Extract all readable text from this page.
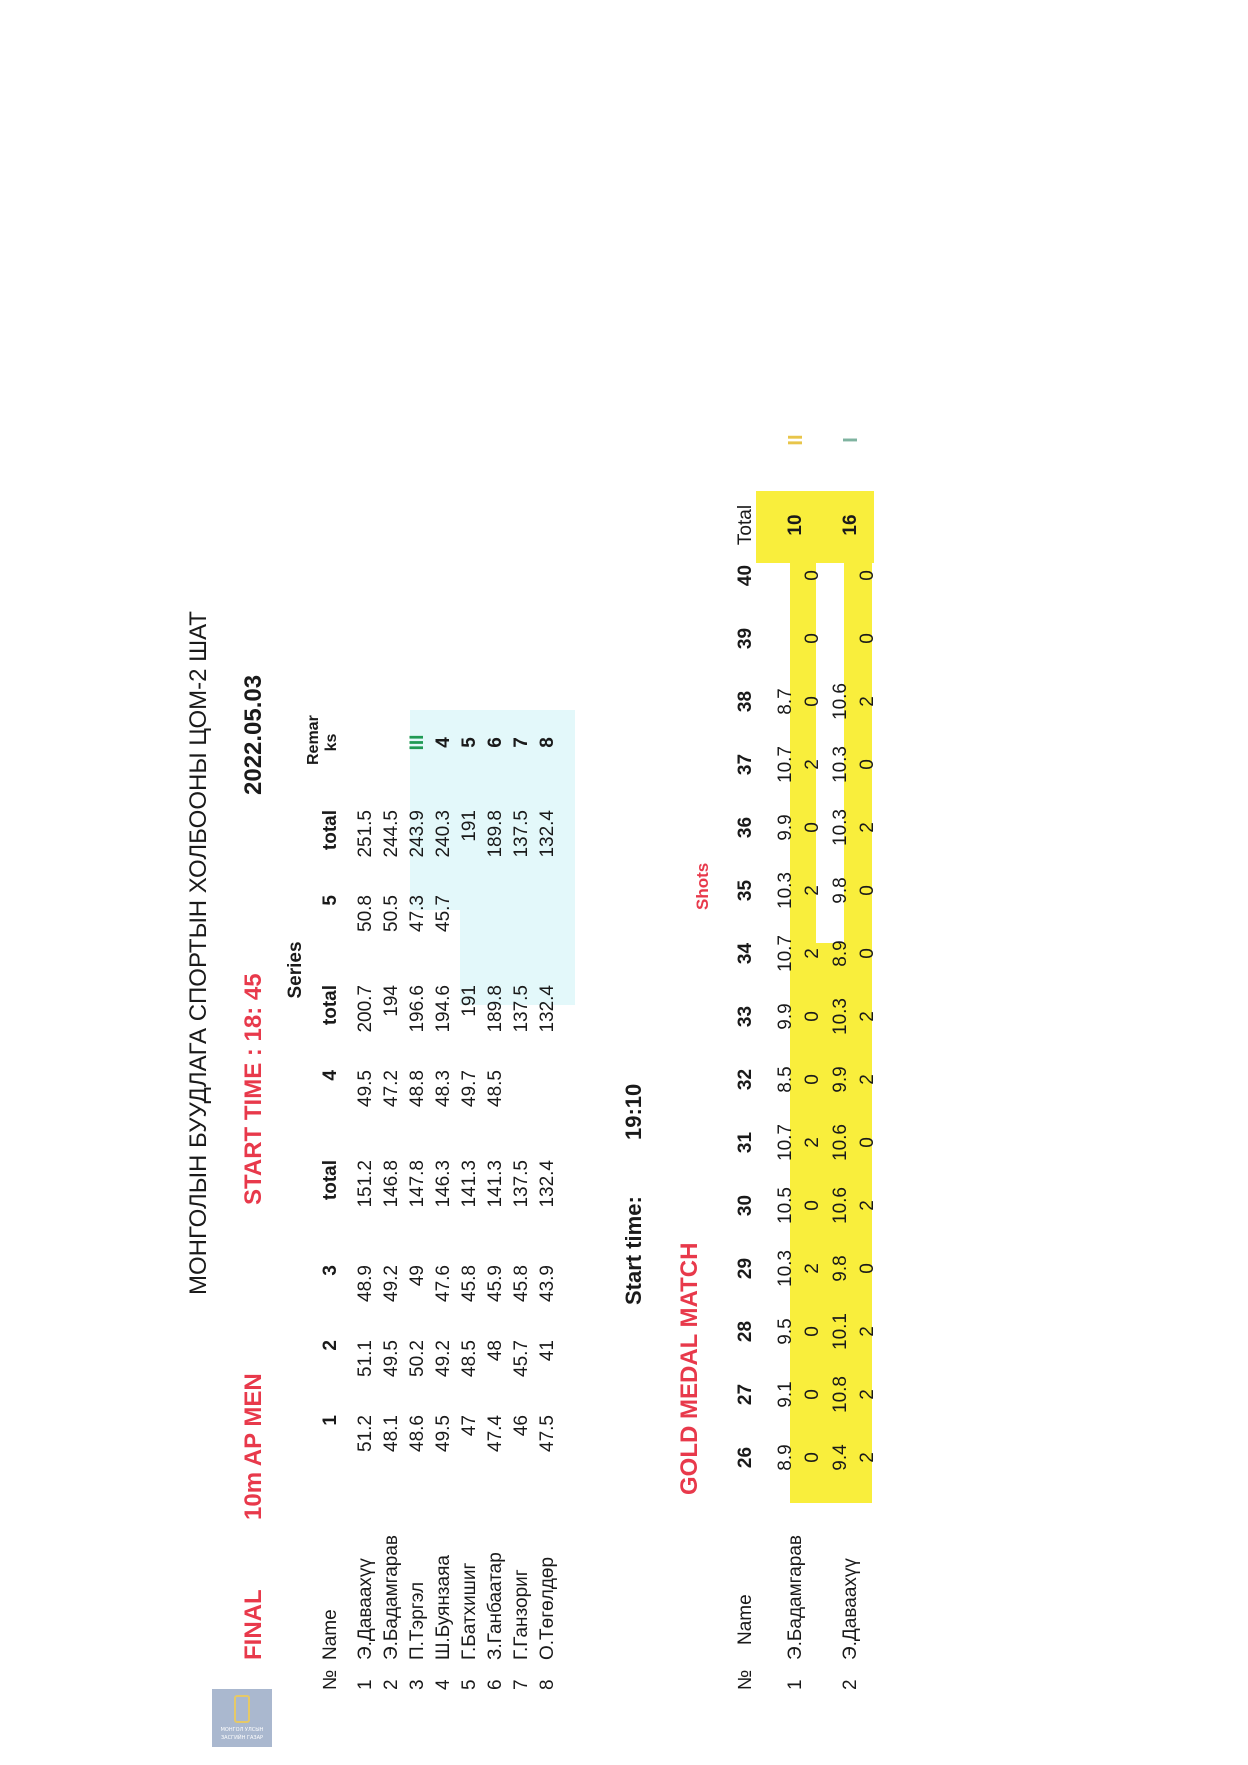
МОНГОЛЫН БУУДЛАГА СПОРТЫН ХОЛБООНЫ ЦОМ-2 ШАТ
FINAL
10m AP MEN
START TIME : 18: 45
2022.05.03
Series
№
Name
1
2
3
total
4
total
5
total
Remar ks
1
Э.Даваахүү
51.2
51.1
48.9
151.2
49.5
200.7
50.8
251.5
2
Э.Бадамгарав
48.1
49.5
49.2
146.8
47.2
194
50.5
244.5
3
П.Тэргэл
48.6
50.2
49
147.8
48.8
196.6
47.3
243.9
III
4
Ш.Буянзаяа
49.5
49.2
47.6
146.3
48.3
194.6
45.7
240.3
4
5
Г.Батхишиг
47
48.5
45.8
141.3
49.7
191
191
5
6
З.Ганбаатар
47.4
48
45.9
141.3
48.5
189.8
189.8
6
7
Г.Ганзориг
46
45.7
45.8
137.5
137.5
137.5
7
8
О.Төгөлдөр
47.5
41
43.9
132.4
132.4
132.4
8
Start time:
19:10
GOLD MEDAL MATCH
Shots
№
Name
26
27
28
29
30
31
32
33
34
35
36
37
38
39
40
Total
1
Э.Бадамгарав
8.9
9.1
9.5
10.3
10.5
10.7
8.5
9.9
10.7
10.3
9.9
10.7
8.7
0
0
0
2
0
2
0
0
2
2
0
2
0
0
0
10
II
2
Э.Даваахүү
9.4
10.8
10.1
9.8
10.6
10.6
9.9
10.3
8.9
9.8
10.3
10.3
10.6
2
2
2
0
2
0
2
2
0
0
2
0
2
0
0
16
I
МОНГОЛ УЛСЫН
ЗАСГИЙН ГАЗАР
